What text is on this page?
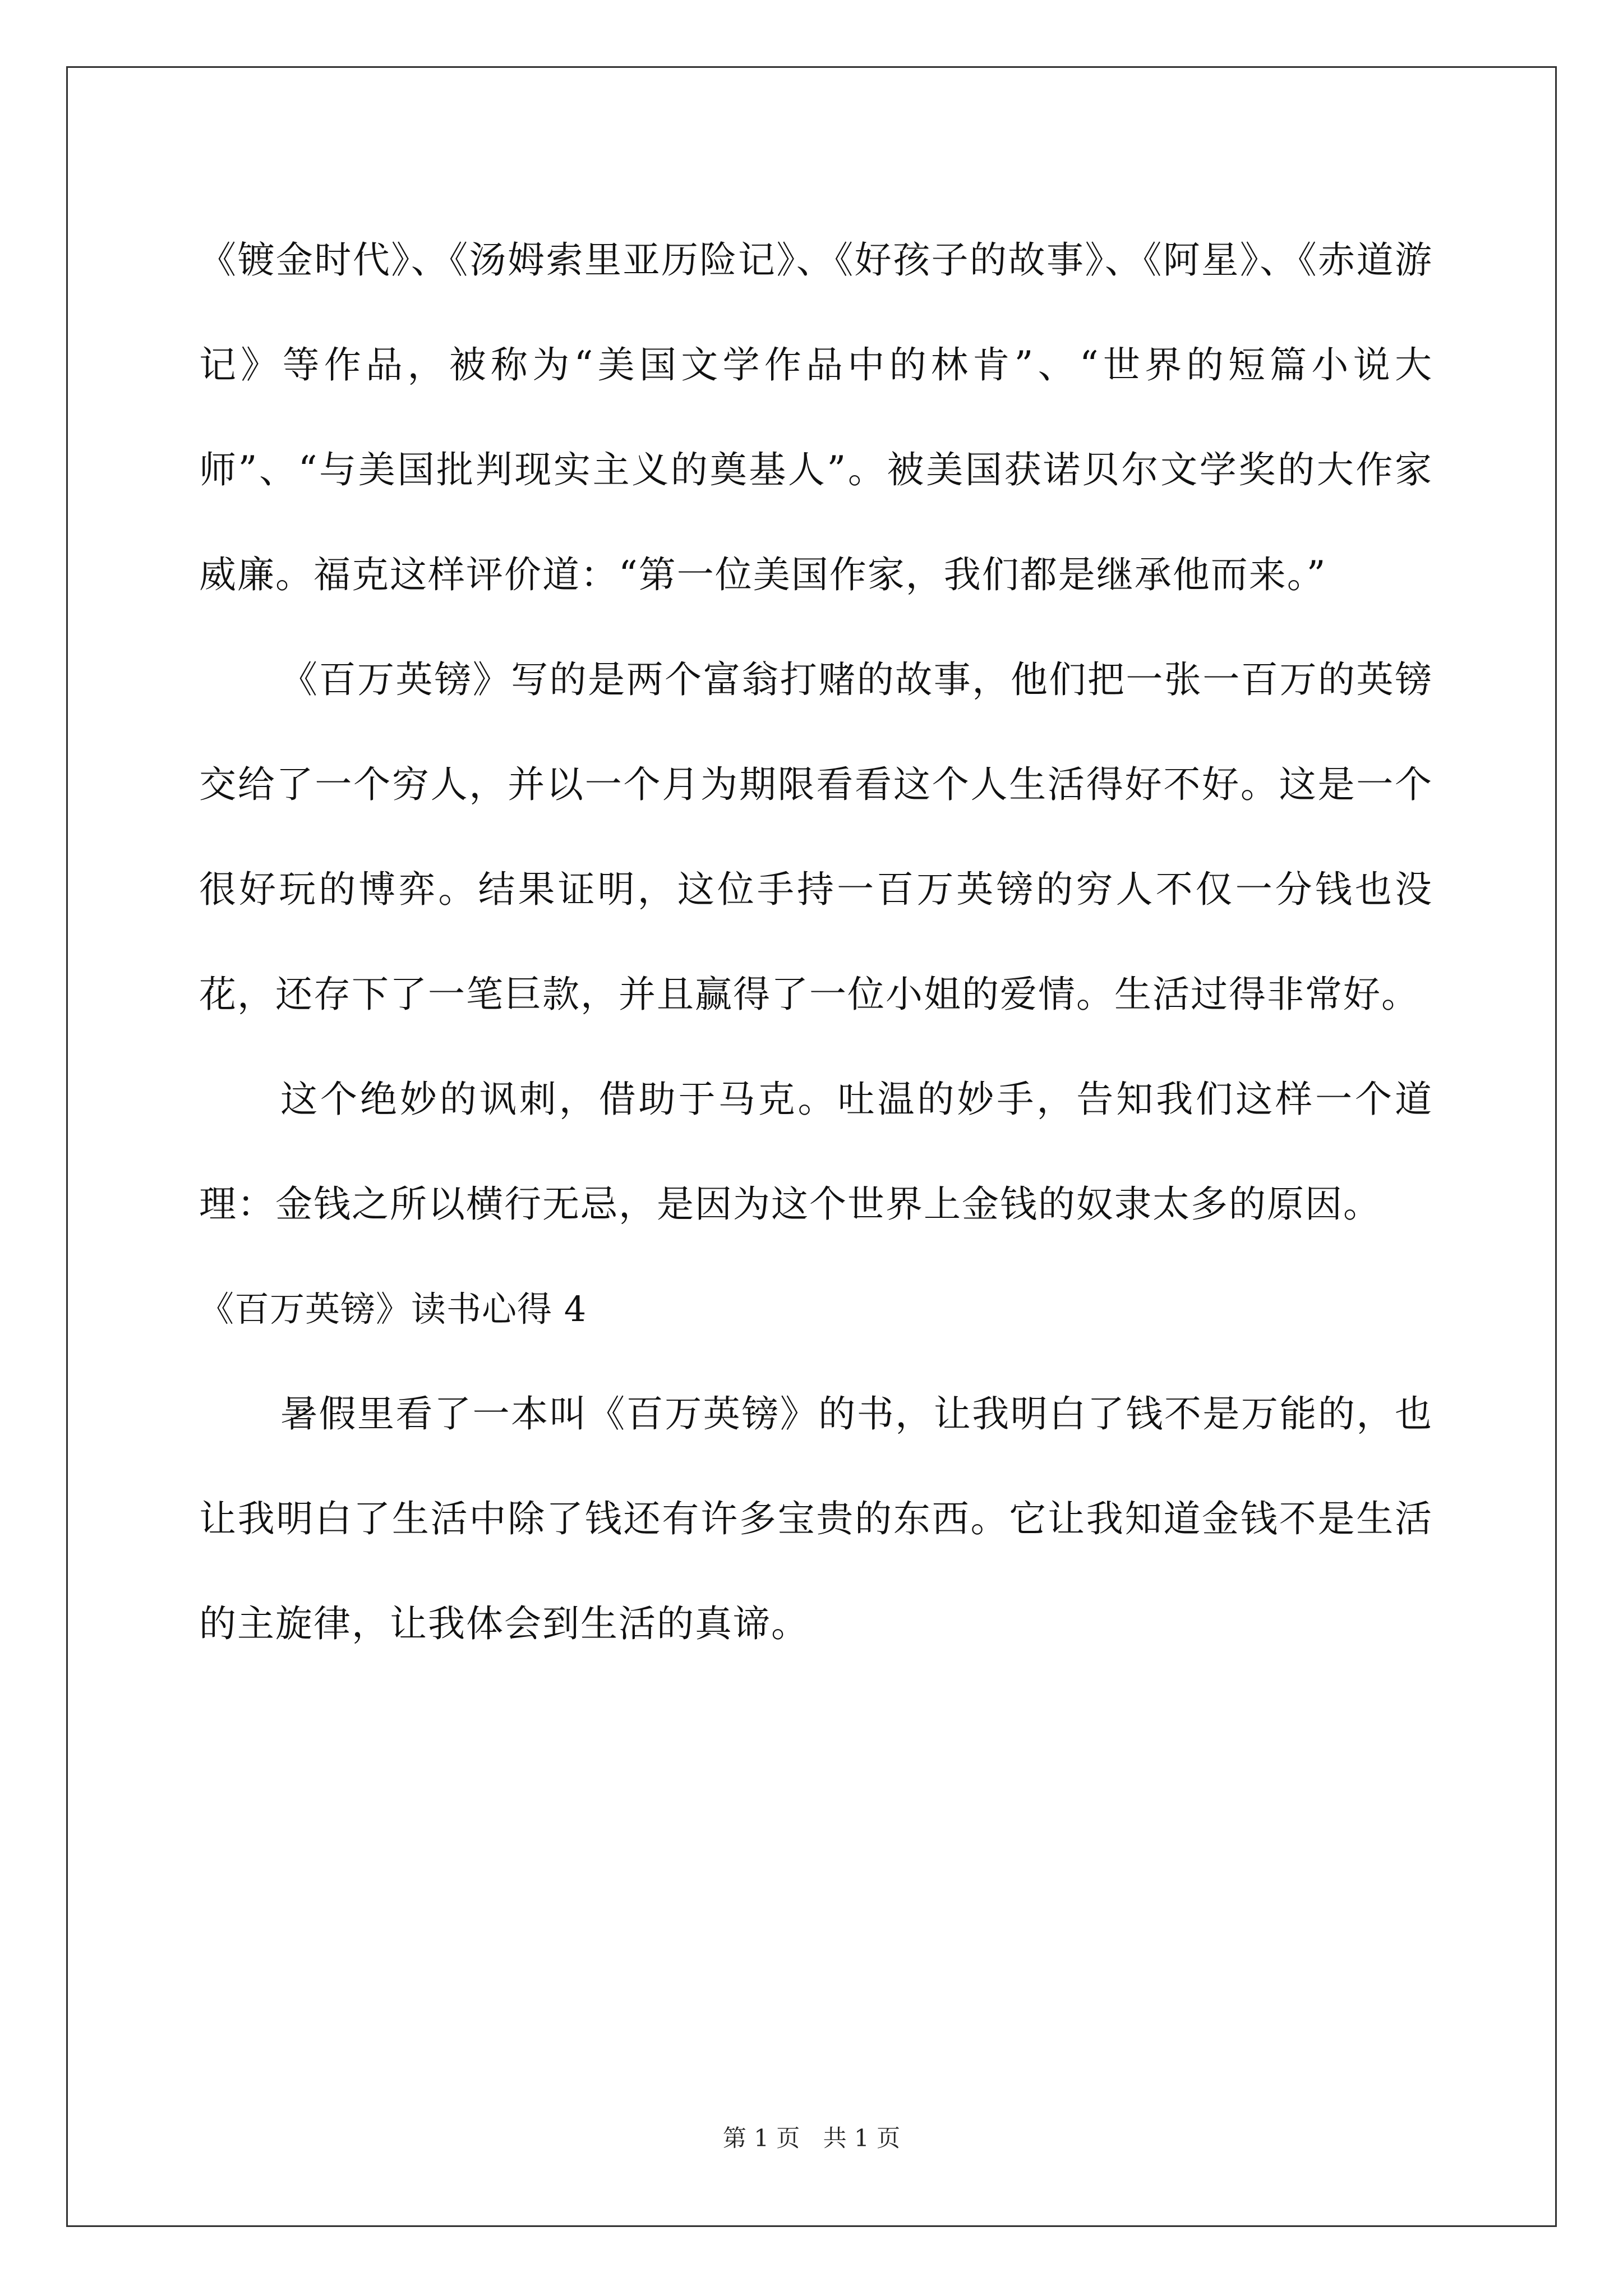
《镀金时代》、《汤姆索里亚历险记》、《好孩子的故事》、《阿星》、《赤道游记》等作品，被称为“美国文学作品中的林肯”、“世界的短篇小说大师”、“与美国批判现实主义的奠基人”。被美国获诺贝尔文学奖的大作家威廉。福克这样评价道：“第一位美国作家，我们都是继承他而来。”

《百万英镑》写的是两个富翁打赌的故事，他们把一张一百万的英镑交给了一个穷人，并以一个月为期限看看这个人生活得好不好。这是一个很好玩的博弈。结果证明，这位手持一百万英镑的穷人不仅一分钱也没花，还存下了一笔巨款，并且赢得了一位小姐的爱情。生活过得非常好。

这个绝妙的讽刺，借助于马克。吐温的妙手，告知我们这样一个道理：金钱之所以横行无忌，是因为这个世界上金钱的奴隶太多的原因。

《百万英镑》读书心得 4

暑假里看了一本叫《百万英镑》的书，让我明白了钱不是万能的，也让我明白了生活中除了钱还有许多宝贵的东西。它让我知道金钱不是生活的主旋律，让我体会到生活的真谛。

第 1 页 共 1 页
